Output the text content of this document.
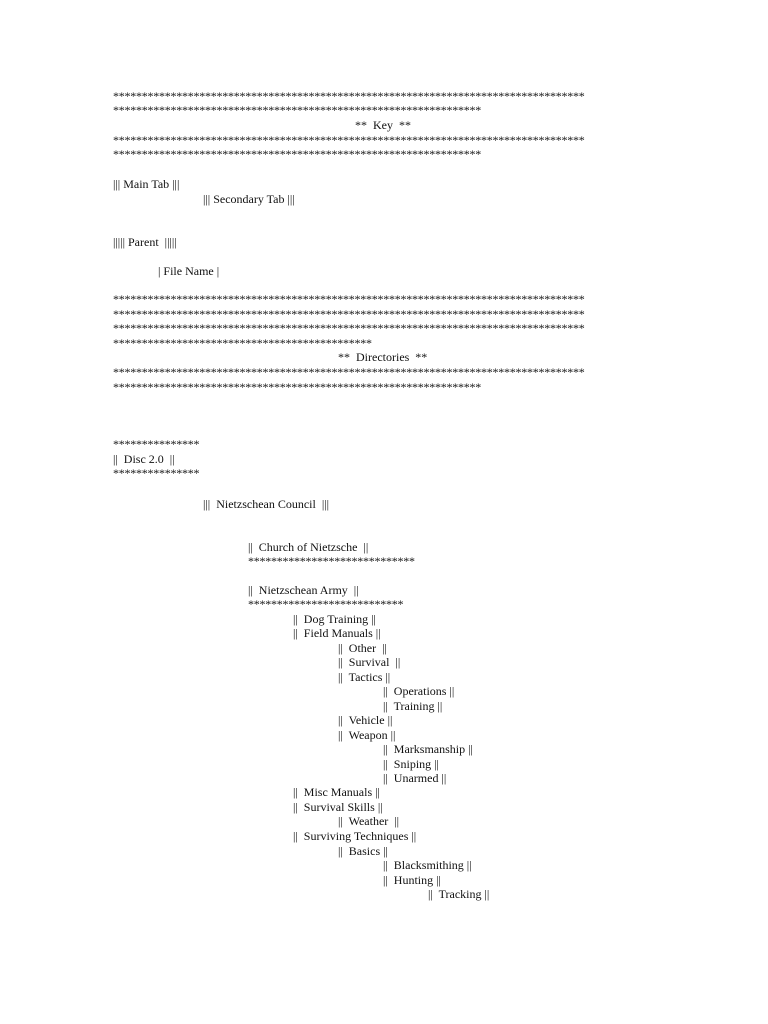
**********************************************************************************
****************************************************************
**  Key  **
**********************************************************************************
****************************************************************
||| Main Tab |||
||| Secondary Tab |||
||||| Parent  |||||
| File Name |
**********************************************************************************
**********************************************************************************
**********************************************************************************
*********************************************
**  Directories  **
**********************************************************************************
****************************************************************
***************
||  Disc 2.0  ||
***************
|||  Nietzschean Council  |||
||  Church of Nietzsche  ||
*****************************
||  Nietzschean Army  ||
***************************
||  Dog Training ||
||  Field Manuals ||
||  Other  ||
||  Survival  ||
||  Tactics ||
||  Operations ||
||  Training ||
||  Vehicle ||
||  Weapon ||
||  Marksmanship ||
||  Sniping ||
||  Unarmed ||
||  Misc Manuals ||
||  Survival Skills ||
||  Weather  ||
||  Surviving Techniques ||
||  Basics ||
||  Blacksmithing ||
||  Hunting ||
||  Tracking ||
